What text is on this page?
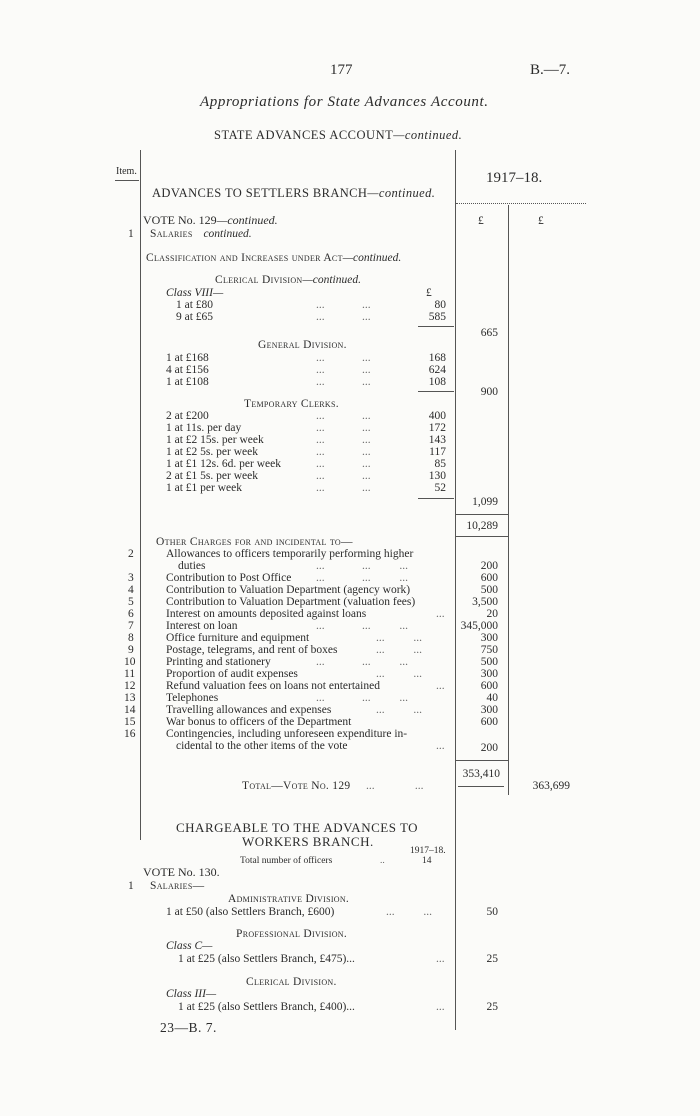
177	B.—7.
Appropriations for State Advances Account.
STATE ADVANCES ACCOUNT—continued.
Item.	1917–18.
£	£
ADVANCES TO SETTLERS BRANCH—continued.
VOTE No. 129—continued.
1 Salaries continued.
Classification and Increases under Act—continued.
Clerical Division—continued.
Class VIII—	£
1 at £80	...             ...	80
9 at £65	...             ...	585
665
General Division.
1 at £168	...             ...	168
4 at £156	...             ...	624
1 at £108	...             ...	108
900
Temporary Clerks.
2 at £200	...             ...	400
1 at 11s. per day	...             ...	172
1 at £2 15s. per week	...             ...	143
1 at £2 5s. per week	...             ...	117
1 at £1 12s. 6d. per week	...             ...	85
2 at £1 5s. per week	...             ...	130
1 at £1 per week	...             ...	52
1,099
10,289
Other Charges for and incidental to—
2	Allowances to officers temporarily performing higher
duties	...             ...          ...	200
3	Contribution to Post Office ...             ...          ...	600
4	Contribution to Valuation Department (agency work)	500
5	Contribution to Valuation Department (valuation fees)	3,500
6	Interest on amounts deposited against loans	...	20
7	Interest on loan	...             ...          ...	345,000
8	Office furniture and equipment	...          ...	300
9	Postage, telegrams, and rent of boxes	...          ...	750
10	Printing and stationery	...             ...          ...	500
11	Proportion of audit expenses	...          ...	300
12	Refund valuation fees on loans not entertained	...	600
13	Telephones	...             ...          ...	40
14	Travelling allowances and expenses	...          ...	300
15	War bonus to officers of the Department	600
16	Contingencies, including unforeseen expenditure in-
cidental to the other items of the vote	...	200
353,410
Total—Vote No. 129 ...              ...	363,699
CHARGEABLE TO THE ADVANCES TO
WORKERS BRANCH.
1917–18.
Total number of officers	..	14
VOTE No. 130.
1 Salaries—
Administrative Division.
1 at £50 (also Settlers Branch, £600)	...          ...	50
Professional Division.
Class C—
1 at £25 (also Settlers Branch, £475)...	...	25
Clerical Division.
Class III—
1 at £25 (also Settlers Branch, £400)...	...	25
23—B. 7.
